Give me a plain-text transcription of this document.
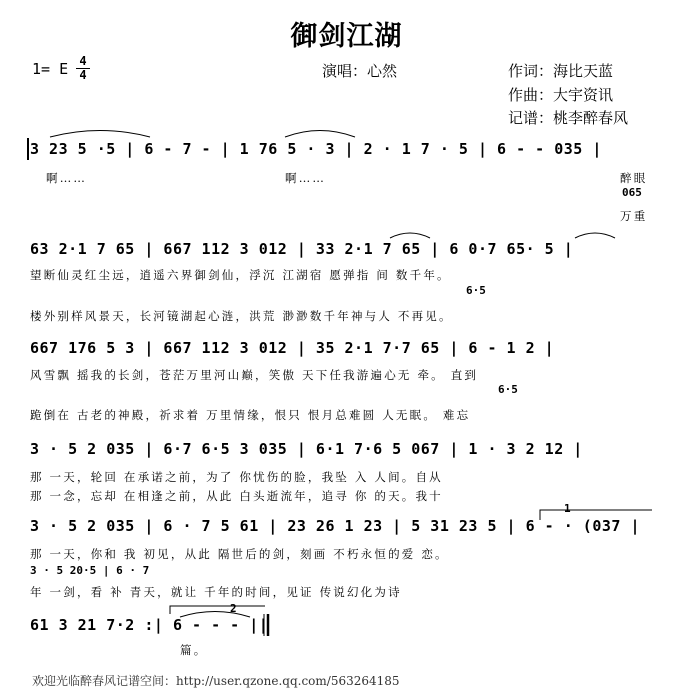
御剑江湖
1= E 4
4	演唱：心然	作词：海比天蓝
作曲：大宇资讯
记谱：桃李醉春风
3 23 5 ·5 | 6 - 7 - | 1 76 5 · 3 | 2 · 1 7 · 5 | 6 - - 035 |
啊……	啊……	醉眼
065
万重
63 2·1 7 65 | 667 112 3 012 | 33 2·1 7 65 | 6 0·7 65· 5 |
望断仙灵红尘远，逍遥六界御剑仙，浮沉 江湖宿 愿弹指 间 数千年。
6·5
楼外别样风景天，长河镜湖起心涟，洪荒 渺渺数千年神与人 不再见。
667 176 5 3 | 667 112 3 012 | 35 2·1 7·7 65 | 6 - 1 2 |
风雪飘 摇我的长剑，苍茫万里河山巅，笑傲 天下任我游遍心无 牵。 直到
6·5
跪倒在 古老的神殿，祈求着 万里情缘，恨只 恨月总难圆 人无眠。 难忘
3 · 5 2 035 | 6·7 6·5 3 035 | 6·1 7·6 5 067 | 1 · 3 2 12 |
那 一天，轮回 在承诺之前，为了 你忧伤的脸，我坠 入 人间。自从
那 一念，忘却 在相逢之前，从此 白头逝流年，追寻 你 的天。我十
1
3 · 5 2 035 | 6 · 7 5 61 | 23 26 1 23 | 5 31 23 5 | 6 - · (037 |
那 一天，你和 我 初见，从此 隔世后的剑，刻画 不朽永恒的爱 恋。
3 · 5 20·5 | 6 · 7
年 一剑，看 补 青天，就让 千年的时间，见证 传说幻化为诗
2
61 3 21 7·2 :| 6 - - - ||
篇。
欢迎光临醉春风记谱空间：http://user.qzone.qq.com/563264185
